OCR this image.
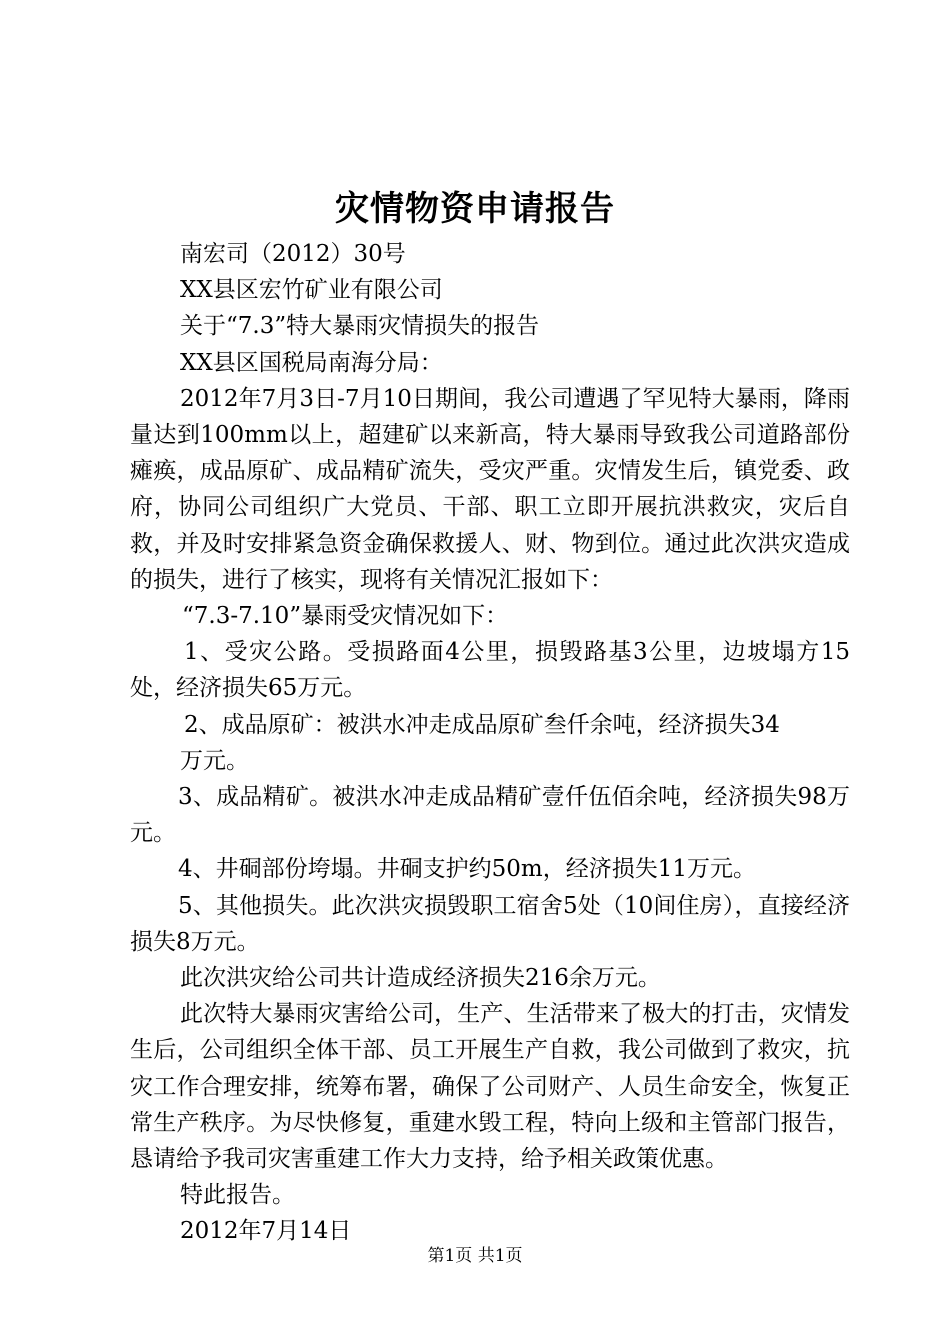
灾情物资申请报告

南宏司（2012）30号

XX县区宏竹矿业有限公司

关于“7.3”特大暴雨灾情损失的报告

XX县区国税局南海分局：

2012年7月3日-7月10日期间，我公司遭遇了罕见特大暴雨，降雨量达到100mm以上，超建矿以来新高，特大暴雨导致我公司道路部份瘫痪，成品原矿、成品精矿流失，受灾严重。灾情发生后，镇党委、政府，协同公司组织广大党员、干部、职工立即开展抗洪救灾，灾后自救，并及时安排紧急资金确保救援人、财、物到位。通过此次洪灾造成的损失，进行了核实，现将有关情况汇报如下：

“7.3-7.10”暴雨受灾情况如下：

1、受灾公路。受损路面4公里，损毁路基3公里，边坡塌方15处，经济损失65万元。

2、成品原矿：被洪水冲走成品原矿叁仟余吨，经济损失34

万元。

3、成品精矿。被洪水冲走成品精矿壹仟伍佰余吨，经济损失98万元。

4、井硐部份垮塌。井硐支护约50m，经济损失11万元。

5、其他损失。此次洪灾损毁职工宿舍5处（10间住房），直接经济损失8万元。

此次洪灾给公司共计造成经济损失216余万元。

此次特大暴雨灾害给公司，生产、生活带来了极大的打击，灾情发生后，公司组织全体干部、员工开展生产自救，我公司做到了救灾，抗灾工作合理安排，统筹布署，确保了公司财产、人员生命安全，恢复正常生产秩序。为尽快修复，重建水毁工程，特向上级和主管部门报告，恳请给予我司灾害重建工作大力支持，给予相关政策优惠。

特此报告。

2012年7月14日

第1页 共1页
